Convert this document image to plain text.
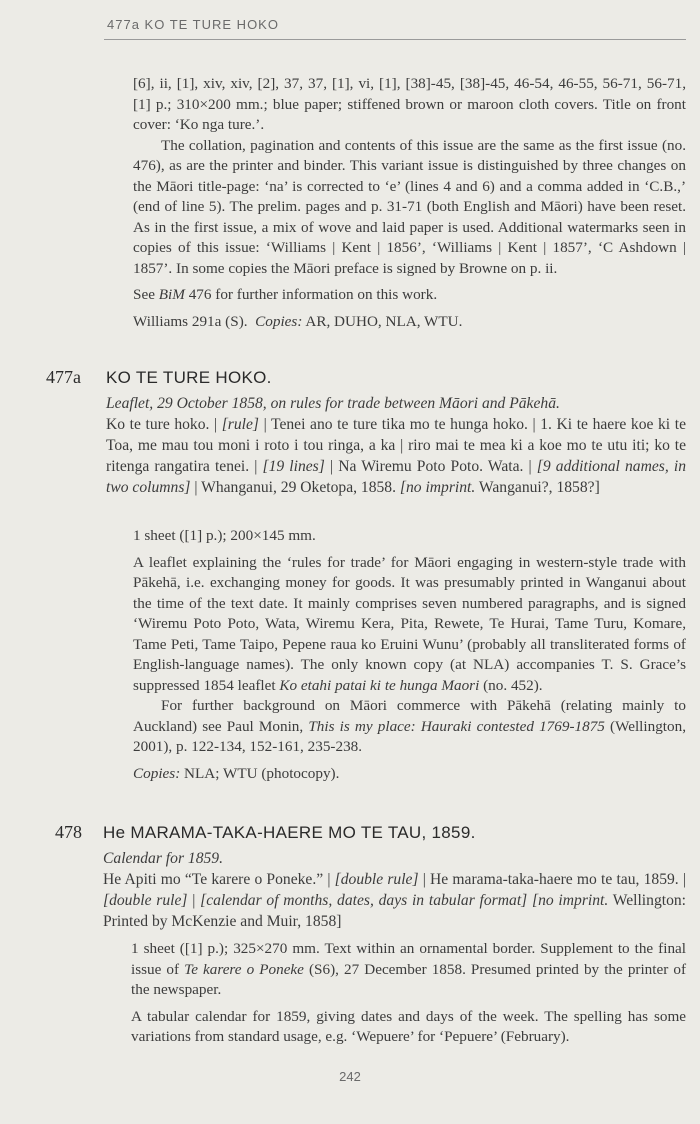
477a KO TE TURE HOKO

[6], ii, [1], xiv, xiv, [2], 37, 37, [1], vi, [1], [38]-45, [38]-45, 46-54, 46-55, 56-71, 56-71, [1] p.; 310×200 mm.; blue paper; stiffened brown or maroon cloth covers. Title on front cover: ‘Ko nga ture.’.

The collation, pagination and contents of this issue are the same as the first issue (no. 476), as are the printer and binder. This variant issue is distinguished by three changes on the Māori title-page: ‘na’ is corrected to ‘e’ (lines 4 and 6) and a comma added in ‘C.B.,’ (end of line 5). The prelim. pages and p. 31-71 (both English and Māori) have been reset. As in the first issue, a mix of wove and laid paper is used. Additional watermarks seen in copies of this issue: ‘Williams | Kent | 1856’, ‘Williams | Kent | 1857’, ‘C Ashdown | 1857’. In some copies the Māori preface is signed by Browne on p. ii.

See BiM 476 for further information on this work.

Williams 291a (S). Copies: AR, DUHO, NLA, WTU.

477a KO TE TURE HOKO.

Leaflet, 29 October 1858, on rules for trade between Māori and Pākehā.

Ko te ture hoko. | [rule] | Tenei ano te ture tika mo te hunga hoko. | 1. Ki te haere koe ki te Toa, me mau tou moni i roto i tou ringa, a ka | riro mai te mea ki a koe mo te utu iti; ko te ritenga rangatira tenei. | [19 lines] | Na Wiremu Poto Poto. Wata. | [9 additional names, in two columns] | Whanganui, 29 Oketopa, 1858. [no imprint. Wanganui?, 1858?]

1 sheet ([1] p.); 200×145 mm.

A leaflet explaining the ‘rules for trade’ for Māori engaging in western-style trade with Pākehā, i.e. exchanging money for goods. It was presumably printed in Wanganui about the time of the text date. It mainly comprises seven numbered paragraphs, and is signed ‘Wiremu Poto Poto, Wata, Wiremu Kera, Pita, Rewete, Te Hurai, Tame Turu, Komare, Tame Peti, Tame Taipo, Pepene raua ko Eruini Wunu’ (probably all transliterated forms of English-language names). The only known copy (at NLA) accompanies T. S. Grace’s suppressed 1854 leaflet Ko etahi patai ki te hunga Maori (no. 452).

For further background on Māori commerce with Pākehā (relating mainly to Auckland) see Paul Monin, This is my place: Hauraki contested 1769-1875 (Wellington, 2001), p. 122-134, 152-161, 235-238.

Copies: NLA; WTU (photocopy).

478 He MARAMA-TAKA-HAERE MO TE TAU, 1859.

Calendar for 1859.

He Apiti mo “Te karere o Poneke.” | [double rule] | He marama-taka-haere mo te tau, 1859. | [double rule] | [calendar of months, dates, days in tabular format] [no imprint. Wellington: Printed by McKenzie and Muir, 1858]

1 sheet ([1] p.); 325×270 mm. Text within an ornamental border. Supplement to the final issue of Te karere o Poneke (S6), 27 December 1858. Presumed printed by the printer of the newspaper.

A tabular calendar for 1859, giving dates and days of the week. The spelling has some variations from standard usage, e.g. ‘Wepuere’ for ‘Pepuere’ (February).

242
